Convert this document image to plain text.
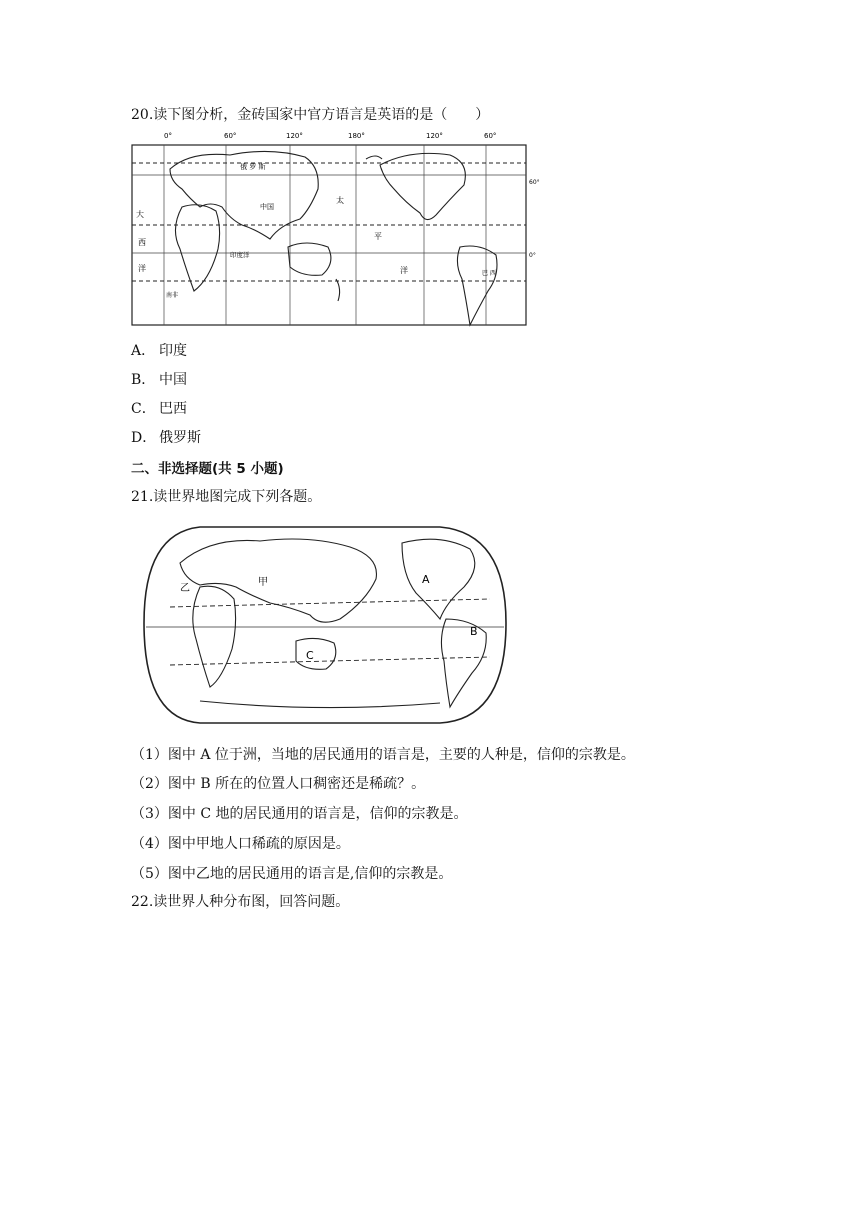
20.读下图分析，金砖国家中官方语言是英语的是（　　）
0°	60°	120°	180°	120°	60°
60°
0°
俄 罗 斯
中国
大
西
洋
太
平
洋
印度洋
南非
巴 西
A． 印度
B． 中国
C． 巴西
D． 俄罗斯
二、非选择题(共 5 小题)
21.读世界地图完成下列各题。
甲
乙
A
B
C
（1）图中 A 位于洲，当地的居民通用的语言是，主要的人种是，信仰的宗教是。
（2）图中 B 所在的位置人口稠密还是稀疏？。
（3）图中 C 地的居民通用的语言是，信仰的宗教是。
（4）图中甲地人口稀疏的原因是。
（5）图中乙地的居民通用的语言是,信仰的宗教是。
22.读世界人种分布图，回答问题。
